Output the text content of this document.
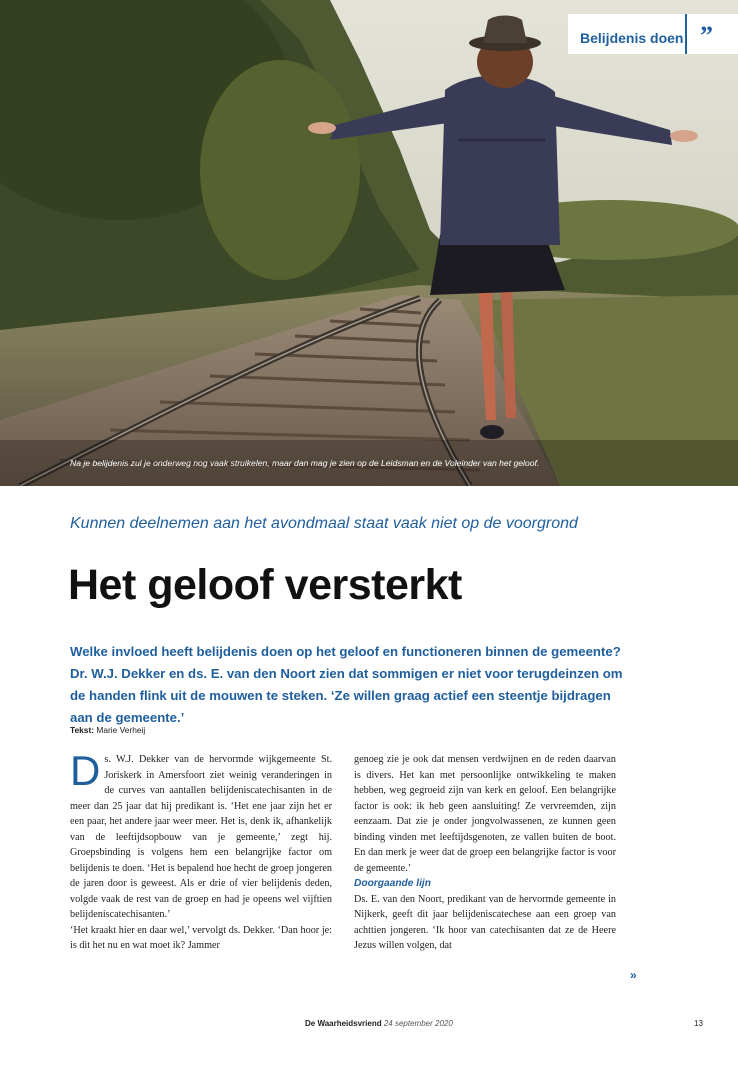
Belijdenis doen ”
Na je belijdenis zul je onderweg nog vaak struikelen, maar dan mag je zien op de Leidsman en de Voleinder van het geloof.
Kunnen deelnemen aan het avondmaal staat vaak niet op de voorgrond
Het geloof versterkt

Welke invloed heeft belijdenis doen op het geloof en functioneren binnen de gemeente? Dr. W.J. Dekker en ds. E. van den Noort zien dat sommigen er niet voor terugdeinzen om de handen flink uit de mouwen te steken. ‘Ze willen graag actief een steentje bijdragen aan de gemeente.’

Tekst: Marie Verheij
D s. W.J. Dekker van de hervormde wijkgemeente St. Joriskerk in Amersfoort ziet weinig veranderingen in de curves van aantallen belijdeniscatechisanten in de meer dan 25 jaar dat hij predikant is. ‘Het ene jaar zijn het er een paar, het andere jaar weer meer. Het is, denk ik, afhankelijk van de leeftijdsopbouw van je gemeente,’ zegt hij. Groepsbinding is volgens hem een belangrijke factor om belijdenis te doen. ‘Het is bepalend hoe hecht de groep jongeren de jaren door is geweest. Als er drie of vier belijdenis deden, volgde vaak de rest van de groep en had je opeens wel vijftien belijdeniscatechisanten.’

‘Het kraakt hier en daar wel,’ vervolgt ds. Dekker. ‘Dan hoor je: is dit het nu en wat moet ik? Jammer

genoeg zie je ook dat mensen verdwijnen en de reden daarvan is divers. Het kan met persoonlijke ontwikkeling te maken hebben, weg gegroeid zijn van kerk en geloof. Een belangrijke factor is ook: ik heb geen aansluiting! Ze vervreemden, zijn eenzaam. Dat zie je onder jongvolwassenen, ze kunnen geen binding vinden met leeftijdsgenoten, ze vallen buiten de boot. En dan merk je weer dat de groep een belangrijke factor is voor de gemeente.’

Doorgaande lijn

Ds. E. van den Noort, predikant van de hervormde gemeente in Nijkerk, geeft dit jaar belijdeniscatechese aan een groep van achttien jongeren. ‘Ik hoor van catechisanten dat ze de Heere Jezus willen volgen, dat

»
De Waarheidsvriend 24 september 2020	13
